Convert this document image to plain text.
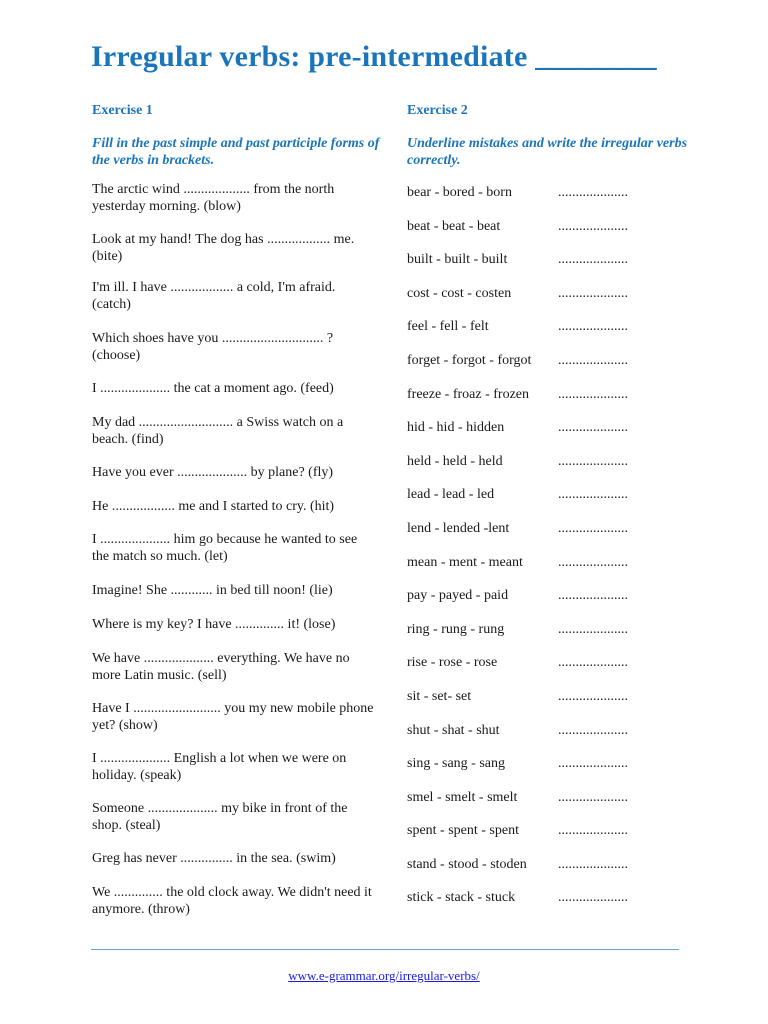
Irregular verbs: pre-intermediate ________
Exercise 1
Fill in the past simple and past participle forms of the verbs in brackets.
The arctic wind ................... from the north yesterday morning. (blow)
Look at my hand! The dog has .................. me. (bite)
I'm ill. I have .................. a cold, I'm afraid. (catch)
Which shoes have you ............................. ? (choose)
I .................... the cat a moment ago. (feed)
My dad ........................... a Swiss watch on a beach. (find)
Have you ever .................... by plane? (fly)
He .................. me and I started to cry. (hit)
I .................... him go because he wanted to see the match so much. (let)
Imagine! She ............ in bed till noon! (lie)
Where is my key? I have .............. it! (lose)
We have .................... everything. We have no more Latin music. (sell)
Have I ......................... you my new mobile phone yet? (show)
I .................... English a lot when we were on holiday. (speak)
Someone .................... my bike in front of the shop. (steal)
Greg has never ............... in the sea. (swim)
We .............. the old clock away. We didn't need it anymore. (throw)
Exercise 2
Underline mistakes and write the irregular verbs correctly.
bear - bored - born	....................
beat - beat - beat	....................
built - built - built	....................
cost - cost - costen	....................
feel - fell - felt	....................
forget - forgot - forgot ....................
freeze - froaz - frozen ....................
hid - hid - hidden	....................
held - held - held	....................
lead - lead - led	....................
lend - lended -lent	....................
mean - ment - meant	....................
pay - payed - paid	....................
ring - rung - rung	....................
rise - rose - rose	....................
sit - set- set	....................
shut - shat - shut	....................
sing - sang - sang	....................
smel - smelt - smelt	....................
spent - spent - spent	....................
stand - stood - stoden ....................
stick - stack - stuck	....................
www.e-grammar.org/irregular-verbs/
